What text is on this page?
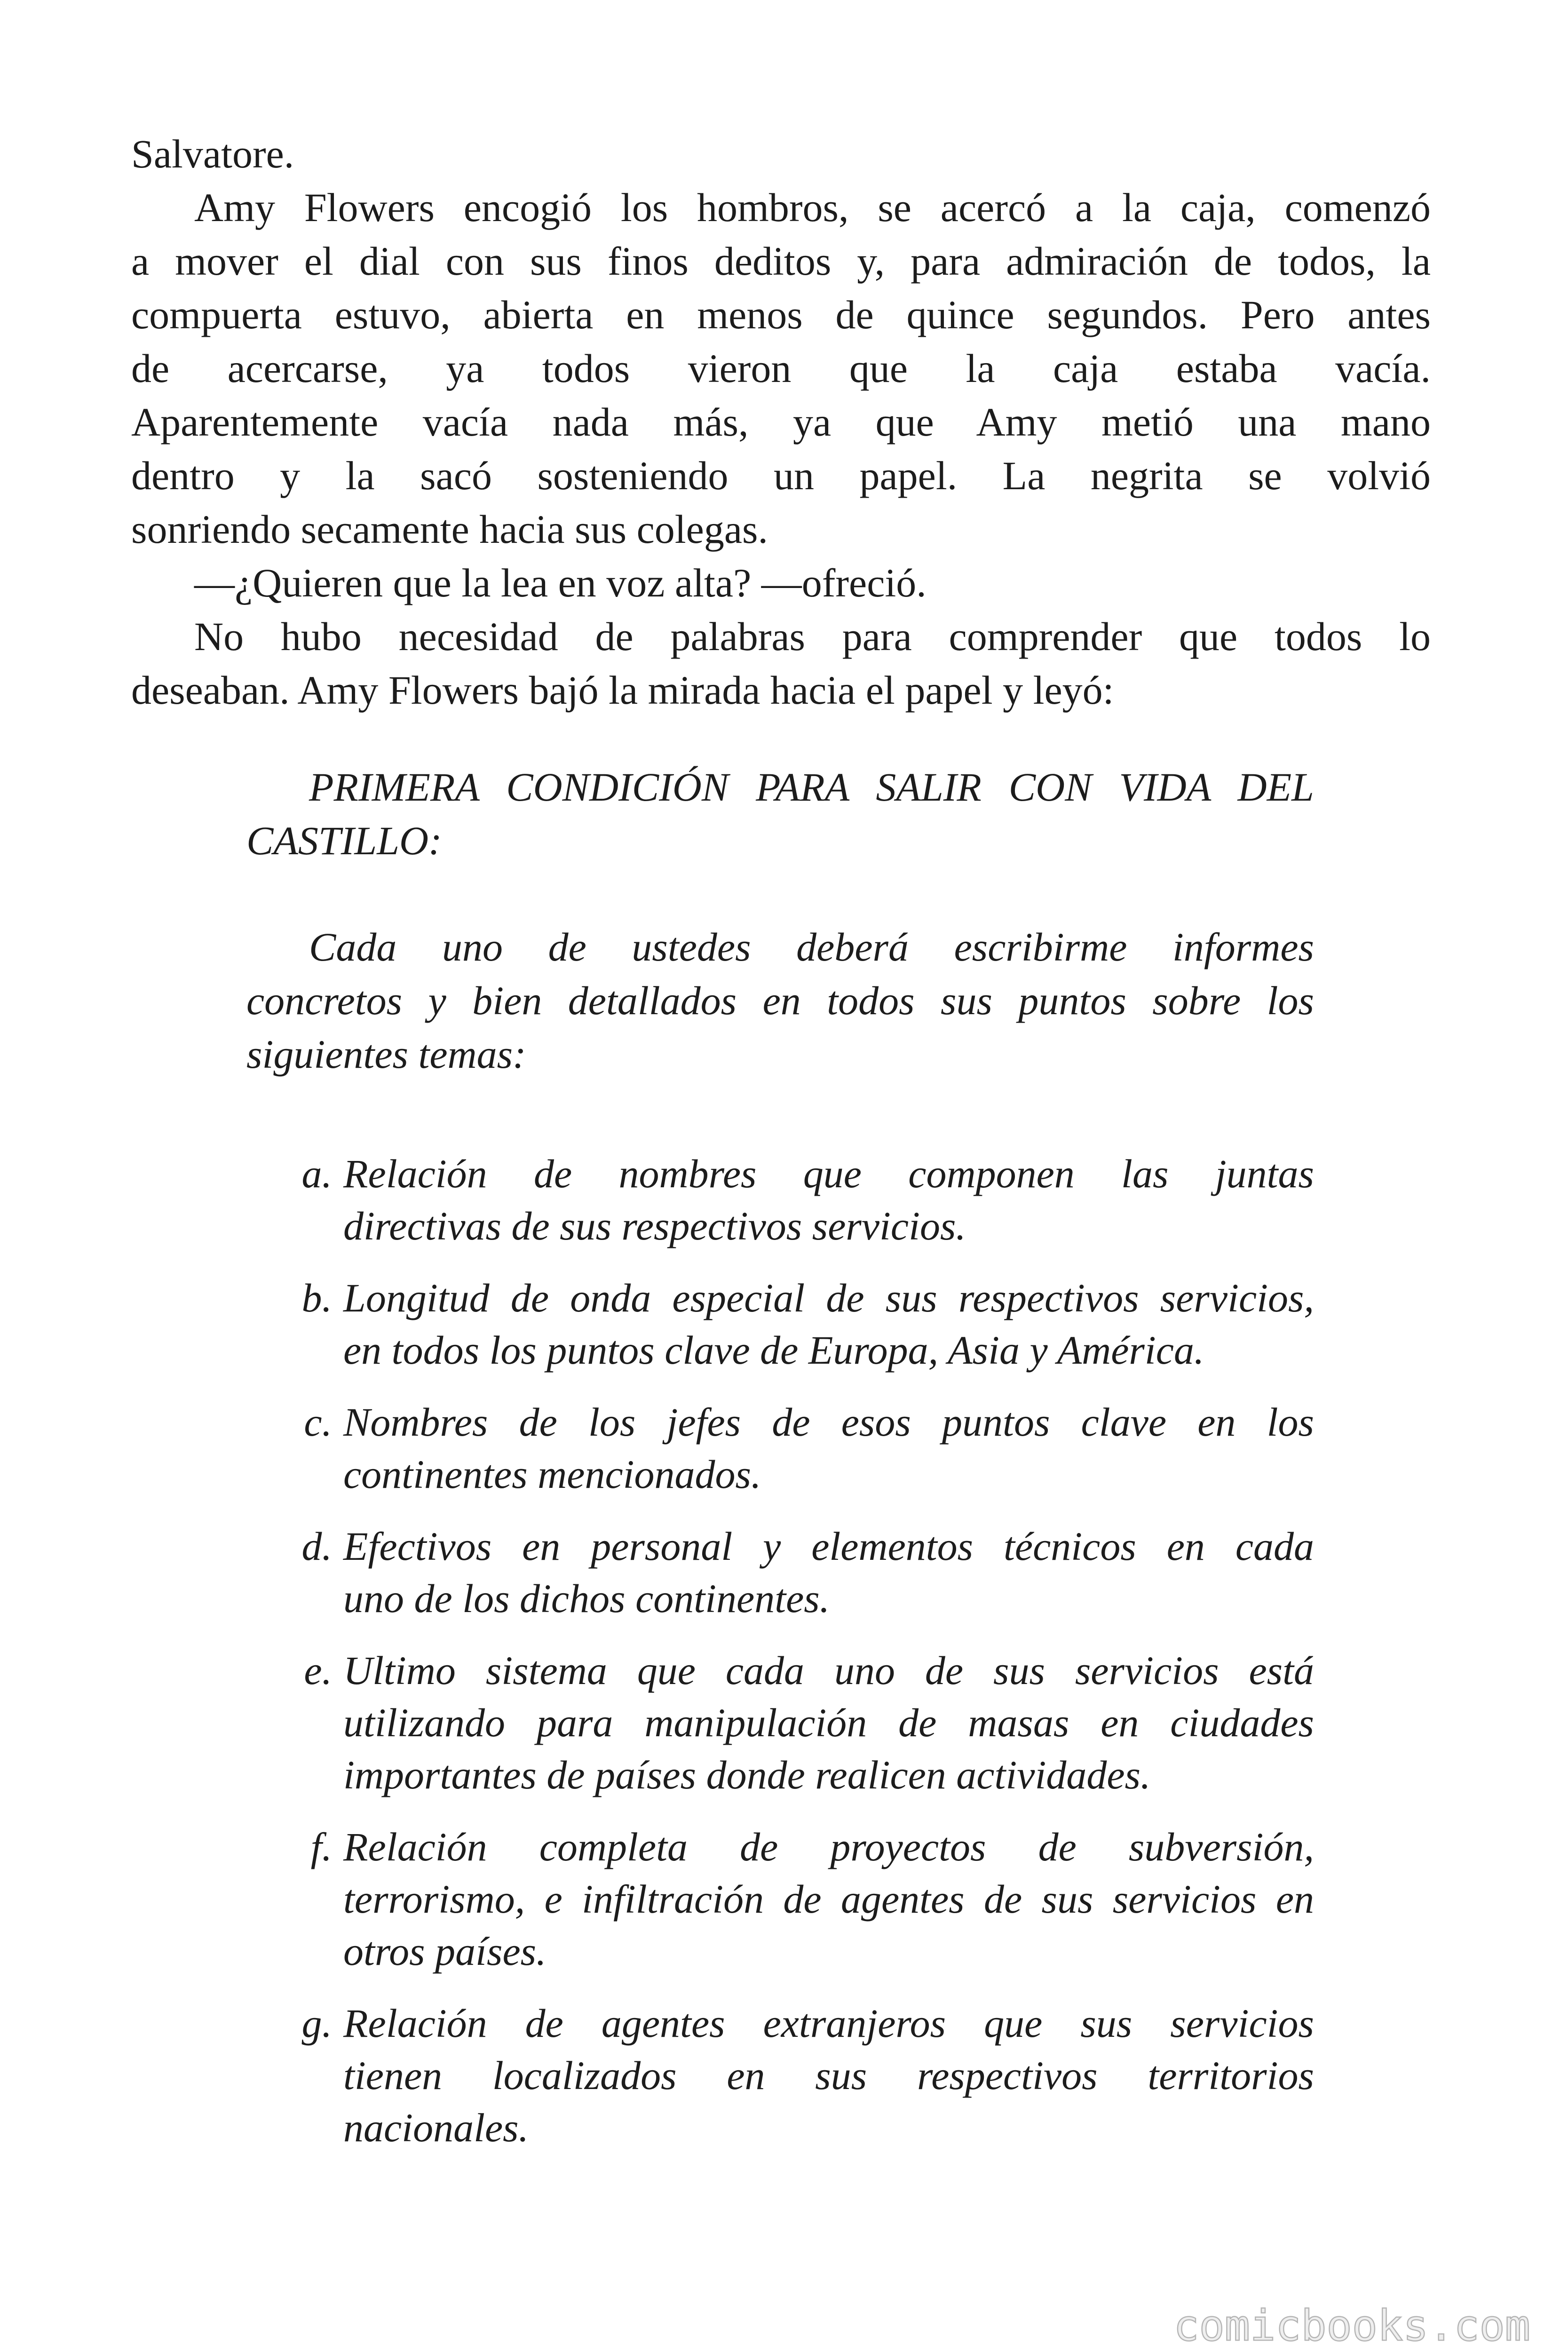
Salvatore.

Amy Flowers encogió los hombros, se acercó a la caja, comenzó
a mover el dial con sus finos deditos y, para admiración de todos, la
compuerta estuvo, abierta en menos de quince segundos. Pero antes
de acercarse, ya todos vieron que la caja estaba vacía.
Aparentemente vacía nada más, ya que Amy metió una mano
dentro y la sacó sosteniendo un papel. La negrita se volvió
sonriendo secamente hacia sus colegas.

—¿Quieren que la lea en voz alta? —ofreció.

No hubo necesidad de palabras para comprender que todos lo
deseaban. Amy Flowers bajó la mirada hacia el papel y leyó:

PRIMERA CONDICIÓN PARA SALIR CON VIDA DEL
CASTILLO:
Cada uno de ustedes deberá escribirme informes
concretos y bien detallados en todos sus puntos sobre los
siguientes temas:
a. Relación de nombres que componen las juntas
directivas de sus respectivos servicios.
b. Longitud de onda especial de sus respectivos servicios,
en todos los puntos clave de Europa, Asia y América.
c. Nombres de los jefes de esos puntos clave en los
continentes mencionados.
d. Efectivos en personal y elementos técnicos en cada
uno de los dichos continentes.
e. Ultimo sistema que cada uno de sus servicios está
utilizando para manipulación de masas en ciudades
importantes de países donde realicen actividades.
f. Relación completa de proyectos de subversión,
terrorismo, e infiltración de agentes de sus servicios en
otros países.
g. Relación de agentes extranjeros que sus servicios
tienen localizados en sus respectivos territorios
nacionales.
comicbooks.com
